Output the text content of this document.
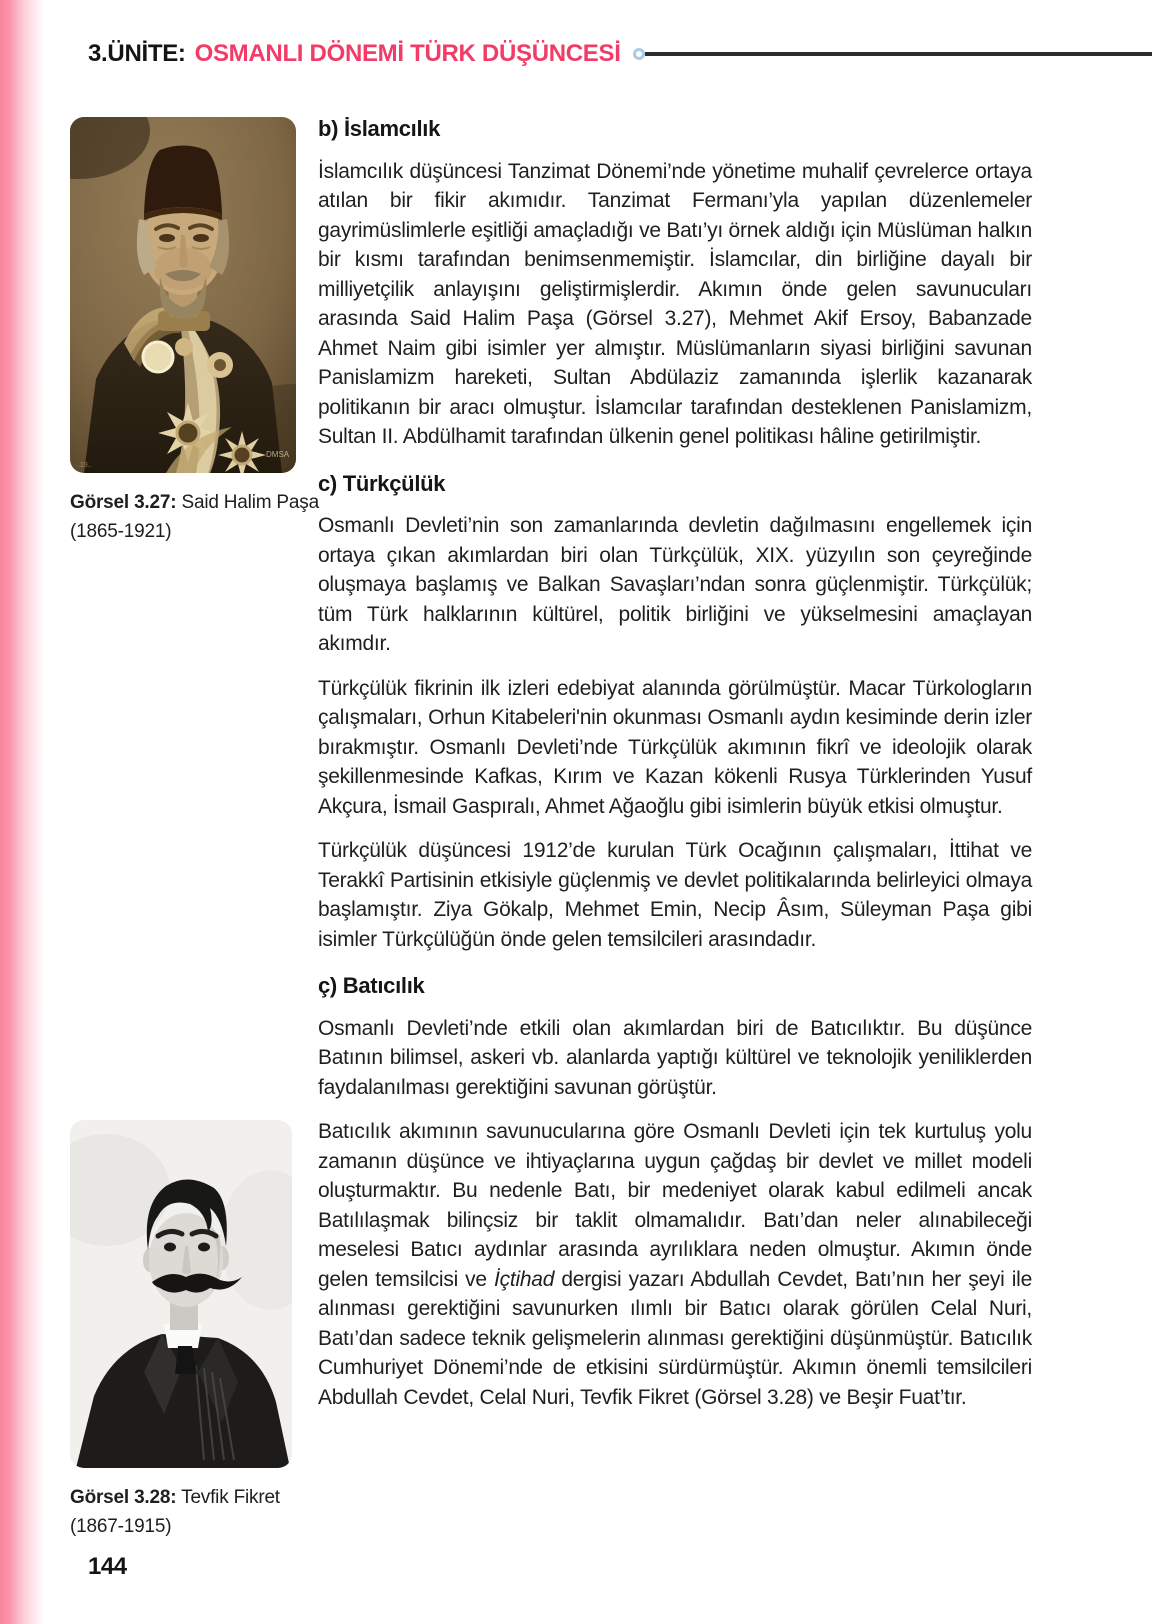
3.ÜNİTE: OSMANLI DÖNEMİ TÜRK DÜŞÜNCESİ
DMSA
.19..
Görsel 3.27: Said Halim Paşa (1865-1921)
Görsel 3.28: Tevfik Fikret (1867-1915)
b) İslamcılık

İslamcılık düşüncesi Tanzimat Dönemi’nde yönetime muhalif çevrelerce ortaya atılan bir fikir akımıdır. Tanzimat Fermanı’yla yapılan düzenlemeler gayrimüslimlerle eşitliği amaçladığı ve Batı’yı örnek aldığı için Müslüman halkın bir kısmı tarafından benimsenmemiştir. İslamcılar, din birliğine dayalı bir milliyetçilik anlayışını geliştirmişlerdir. Akımın önde gelen savunucuları arasında Said Halim Paşa (Görsel 3.27), Mehmet Akif Ersoy, Babanzade Ahmet Naim gibi isimler yer almıştır. Müslümanların siyasi birliğini savunan Panislamizm hareketi, Sultan Abdülaziz zamanında işlerlik kazanarak politikanın bir aracı olmuştur. İslamcılar tarafından desteklenen Panislamizm, Sultan II. Abdülhamit tarafından ülkenin genel politikası hâline getirilmiştir.

c) Türkçülük

Osmanlı Devleti’nin son zamanlarında devletin dağılmasını engellemek için ortaya çıkan akımlardan biri olan Türkçülük, XIX. yüzyılın son çeyreğinde oluşmaya başlamış ve Balkan Savaşları’ndan sonra güçlenmiştir. Türkçülük; tüm Türk halklarının kültürel, politik birliğini ve yükselmesini amaçlayan akımdır.

Türkçülük fikrinin ilk izleri edebiyat alanında görülmüştür. Macar Türkologların çalışmaları, Orhun Kitabeleri'nin okunması Osmanlı aydın kesiminde derin izler bırakmıştır. Osmanlı Devleti’nde Türkçülük akımının fikrî ve ideolojik olarak şekillenmesinde Kafkas, Kırım ve Kazan kökenli Rusya Türklerinden Yusuf Akçura, İsmail Gaspıralı, Ahmet Ağaoğlu gibi isimlerin büyük etkisi olmuştur.

Türkçülük düşüncesi 1912’de kurulan Türk Ocağının çalışmaları, İttihat ve Terakkî Partisinin etkisiyle güçlenmiş ve devlet politikalarında belirleyici olmaya başlamıştır. Ziya Gökalp, Mehmet Emin, Necip Âsım, Süleyman Paşa gibi isimler Türkçülüğün önde gelen temsilcileri arasındadır.

ç) Batıcılık

Osmanlı Devleti’nde etkili olan akımlardan biri de Batıcılıktır. Bu düşünce Batının bilimsel, askeri vb. alanlarda yaptığı kültürel ve teknolojik yeniliklerden faydalanılması gerektiğini savunan görüştür.

Batıcılık akımının savunucularına göre Osmanlı Devleti için tek kurtuluş yolu zamanın düşünce ve ihtiyaçlarına uygun çağdaş bir devlet ve millet modeli oluşturmaktır. Bu nedenle Batı, bir medeniyet olarak kabul edilmeli ancak Batılılaşmak bilinçsiz bir taklit olmamalıdır. Batı’dan neler alınabileceği meselesi Batıcı aydınlar arasında ayrılıklara neden olmuştur. Akımın önde gelen temsilcisi ve İçtihad dergisi yazarı Abdullah Cevdet, Batı’nın her şeyi ile alınması gerektiğini savunurken ılımlı bir Batıcı olarak görülen Celal Nuri, Batı’dan sadece teknik gelişmelerin alınması gerektiğini düşünmüştür. Batıcılık Cumhuriyet Dönemi’nde de etkisini sürdürmüştür. Akımın önemli temsilcileri Abdullah Cevdet, Celal Nuri, Tevfik Fikret (Görsel 3.28) ve Beşir Fuat’tır.

144
